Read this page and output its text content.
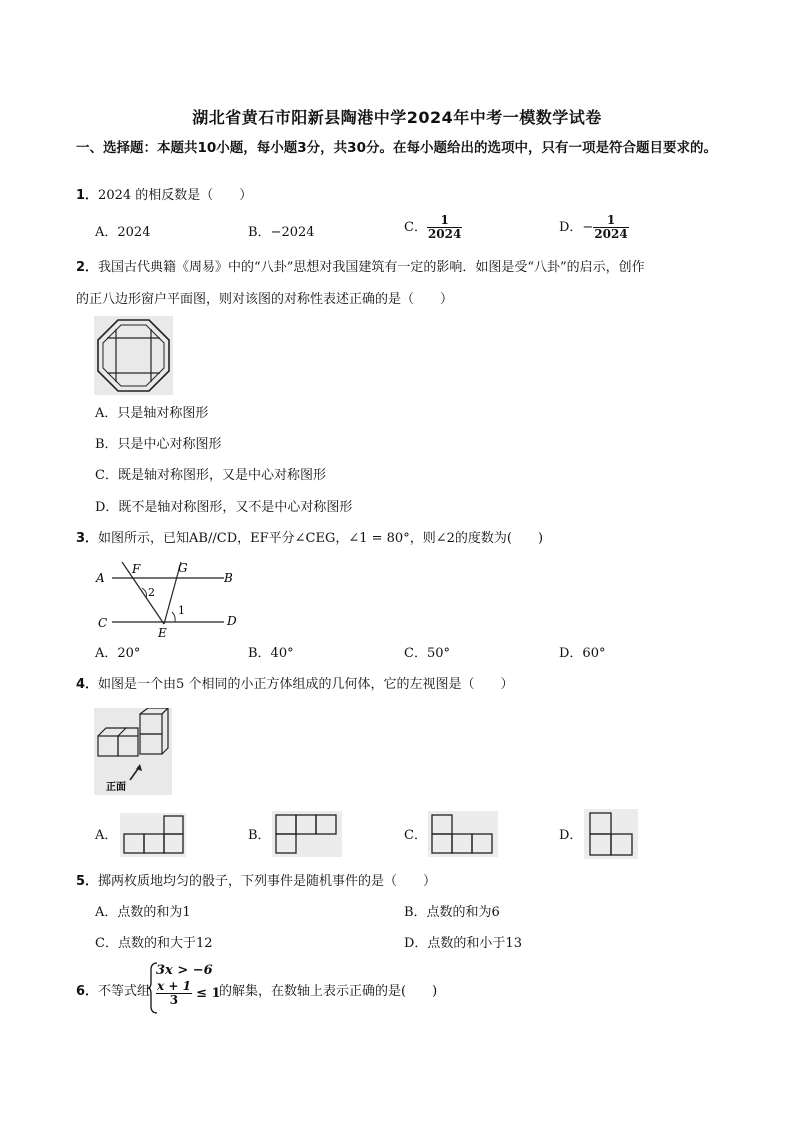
湖北省黄石市阳新县陶港中学2024年中考一模数学试卷
一、选择题：本题共10小题，每小题3分，共30分。在每小题给出的选项中，只有一项是符合题目要求的。
1．2024 的相反数是（　　）
A．2024	B．−2024	C． $\frac{1}{2024}$	D．− $\frac{1}{2024}$
2．我国古代典籍《周易》中的“八卦”思想对我国建筑有一定的影响．如图是受“八卦”的启示，创作
的正八边形窗户平面图，则对该图的对称性表述正确的是（　　）
A．只是轴对称图形
B．只是中心对称图形
C．既是轴对称图形，又是中心对称图形
D．既不是轴对称图形，又不是中心对称图形
3．如图所示，已知AB//CD，EF平分∠CEG，∠1 = 80°，则∠2的度数为(　　)
A	B
C	D
E
F	G
1
2
A．20°	B．40°	C．50°	D．60°
4．如图是一个由5 个相同的小正方体组成的几何体，它的左视图是（　　）
正面
A．	B．	C．	D．
5．掷两枚质地均匀的骰子，下列事件是随机事件的是（　　）
A．点数的和为1	B．点数的和为6
C．点数的和大于12	D．点数的和小于13
6．不等式组
3x > −6
$\frac{x + 1}{3} \le 1$
的解集，在数轴上表示正确的是(　　)
